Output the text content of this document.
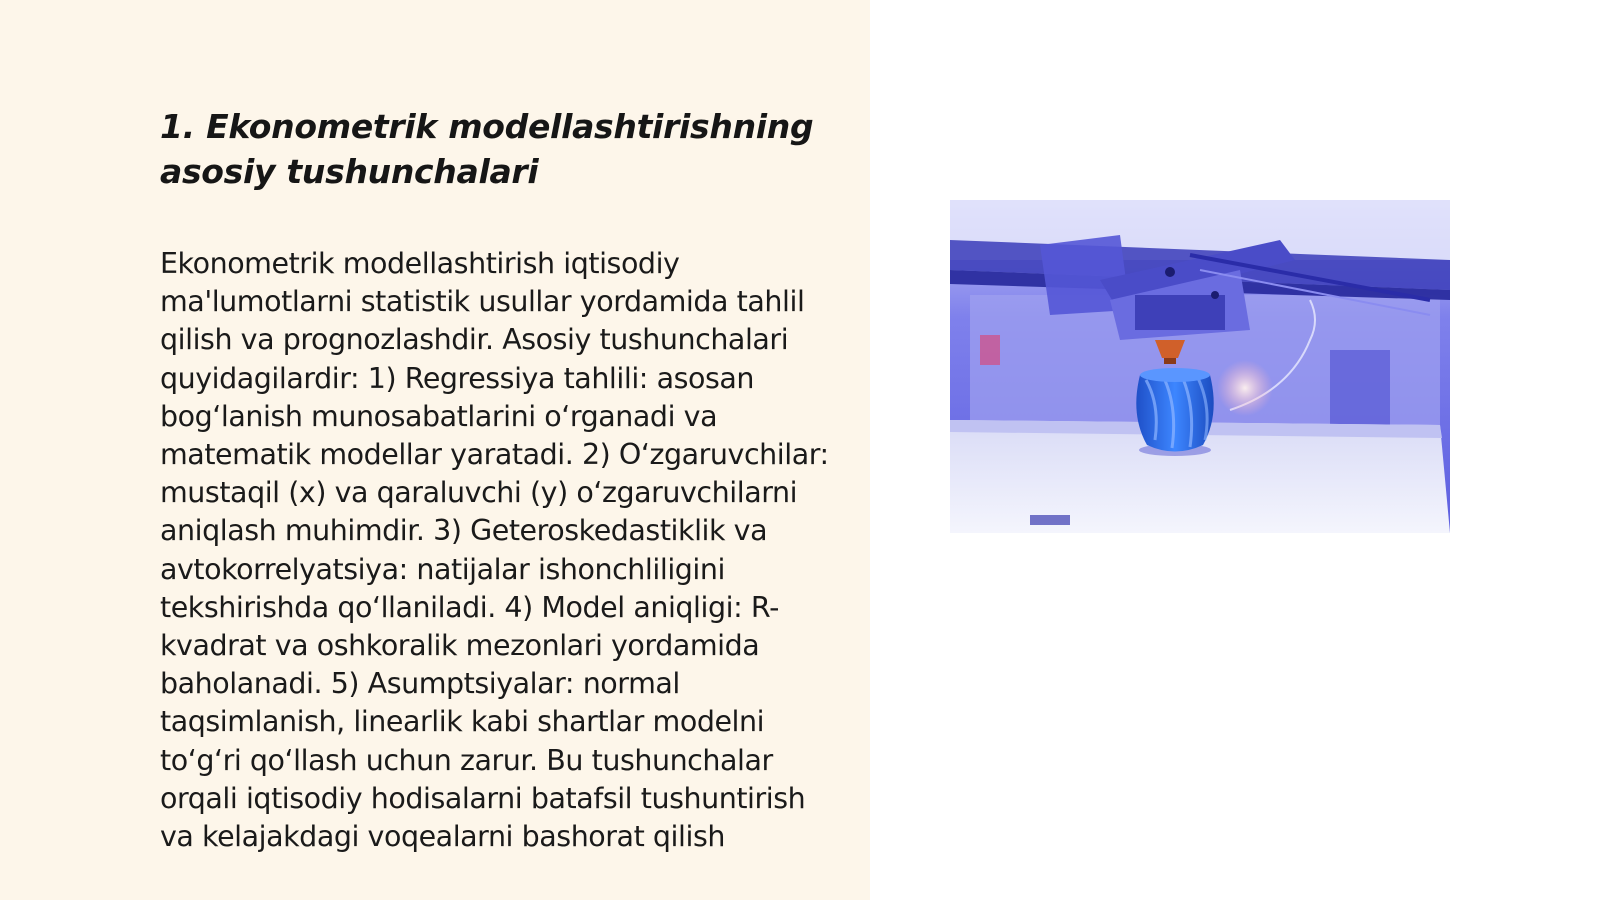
1. Ekonometrik modellashtirishning asosiy tushunchalari

Ekonometrik modellashtirish iqtisodiy ma'lumotlarni statistik usullar yordamida tahlil qilish va prognozlashdir. Asosiy tushunchalari quyidagilardir: 1) Regressiya tahlili: asosan bog‘lanish munosabatlarini o‘rganadi va matematik modellar yaratadi. 2) O‘zgaruvchilar: mustaqil (x) va qaraluvchi (y) o‘zgaruvchilarni aniqlash muhimdir. 3) Geteroskedastiklik va avtokorrelyatsiya: natijalar ishonchliligini tekshirishda qo‘llaniladi. 4) Model aniqligi: R-kvadrat va oshkoralik mezonlari yordamida baholanadi. 5) Asumptsiyalar: normal taqsimlanish, linearlik kabi shartlar modelni to‘g‘ri qo‘llash uchun zarur. Bu tushunchalar orqali iqtisodiy hodisalarni batafsil tushuntirish va kelajakdagi voqealarni bashorat qilish
